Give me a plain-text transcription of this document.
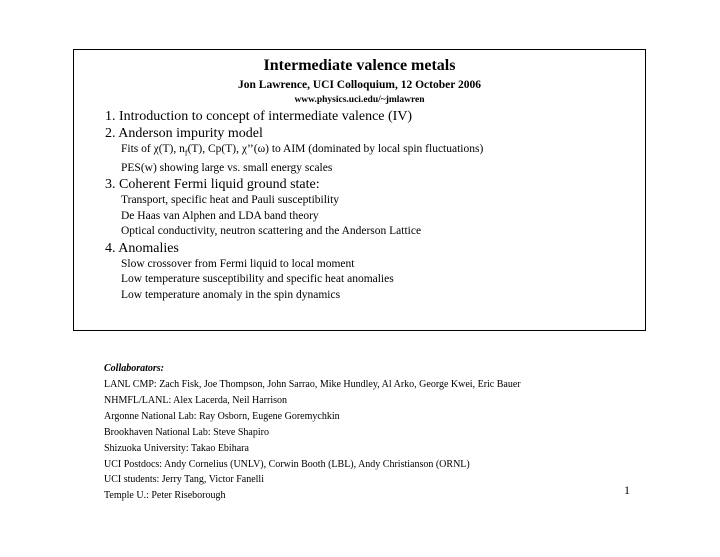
Intermediate valence metals
Jon Lawrence, UCI Colloquium, 12 October 2006
www.physics.uci.edu/~jmlawren
1. Introduction to concept of intermediate valence (IV)
2. Anderson impurity model
Fits of χ(T), $n_f(T)$, Cp(T), χ’’(ω) to AIM (dominated by local spin fluctuations)
PES(w) showing large vs. small energy scales
3. Coherent Fermi liquid ground state:
Transport, specific heat and Pauli susceptibility
De Haas van Alphen and LDA band theory
Optical conductivity, neutron scattering and the Anderson Lattice
4. Anomalies
Slow crossover from Fermi liquid to local moment
Low temperature susceptibility and specific heat anomalies
Low temperature anomaly in the spin dynamics
Collaborators:
LANL CMP: Zach Fisk, Joe Thompson, John Sarrao, Mike Hundley, Al Arko, George Kwei, Eric Bauer
NHMFL/LANL: Alex Lacerda, Neil Harrison
Argonne National Lab: Ray Osborn, Eugene Goremychkin
Brookhaven National Lab: Steve Shapiro
Shizuoka University: Takao Ebihara
UCI Postdocs: Andy Cornelius (UNLV), Corwin Booth (LBL), Andy Christianson (ORNL)
UCI students: Jerry Tang, Victor Fanelli
Temple U.: Peter Riseborough	1
